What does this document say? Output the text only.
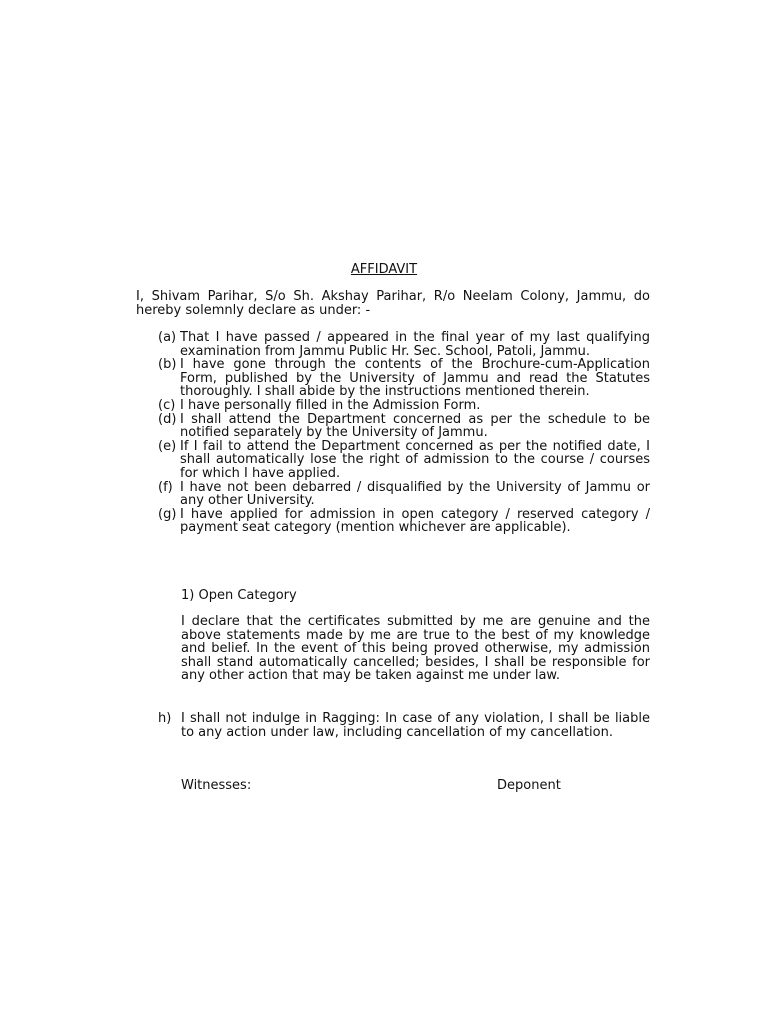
AFFIDAVIT
I, Shivam Parihar, S/o Sh. Akshay Parihar, R/o Neelam Colony, Jammu, do hereby solemnly declare as under: -
(a) That I have passed / appeared in the final year of my last qualifying examination from Jammu Public Hr. Sec. School, Patoli, Jammu.
(b) I have gone through the contents of the Brochure-cum-Application Form, published by the University of Jammu and read the Statutes thoroughly. I shall abide by the instructions mentioned therein.
(c) I have personally filled in the Admission Form.
(d) I shall attend the Department concerned as per the schedule to be notified separately by the University of Jammu.
(e) If I fail to attend the Department concerned as per the notified date, I shall automatically lose the right of admission to the course / courses for which I have applied.
(f) I have not been debarred / disqualified by the University of Jammu or any other University.
(g) I have applied for admission in open category / reserved category / payment seat category (mention whichever are applicable).
1) Open Category
I declare that the certificates submitted by me are genuine and the above statements made by me are true to the best of my knowledge and belief. In the event of this being proved otherwise, my admission shall stand automatically cancelled; besides, I shall be responsible for any other action that may be taken against me under law.
h) I shall not indulge in Ragging: In case of any violation, I shall be liable to any action under law, including cancellation of my cancellation.
Witnesses:	Deponent
